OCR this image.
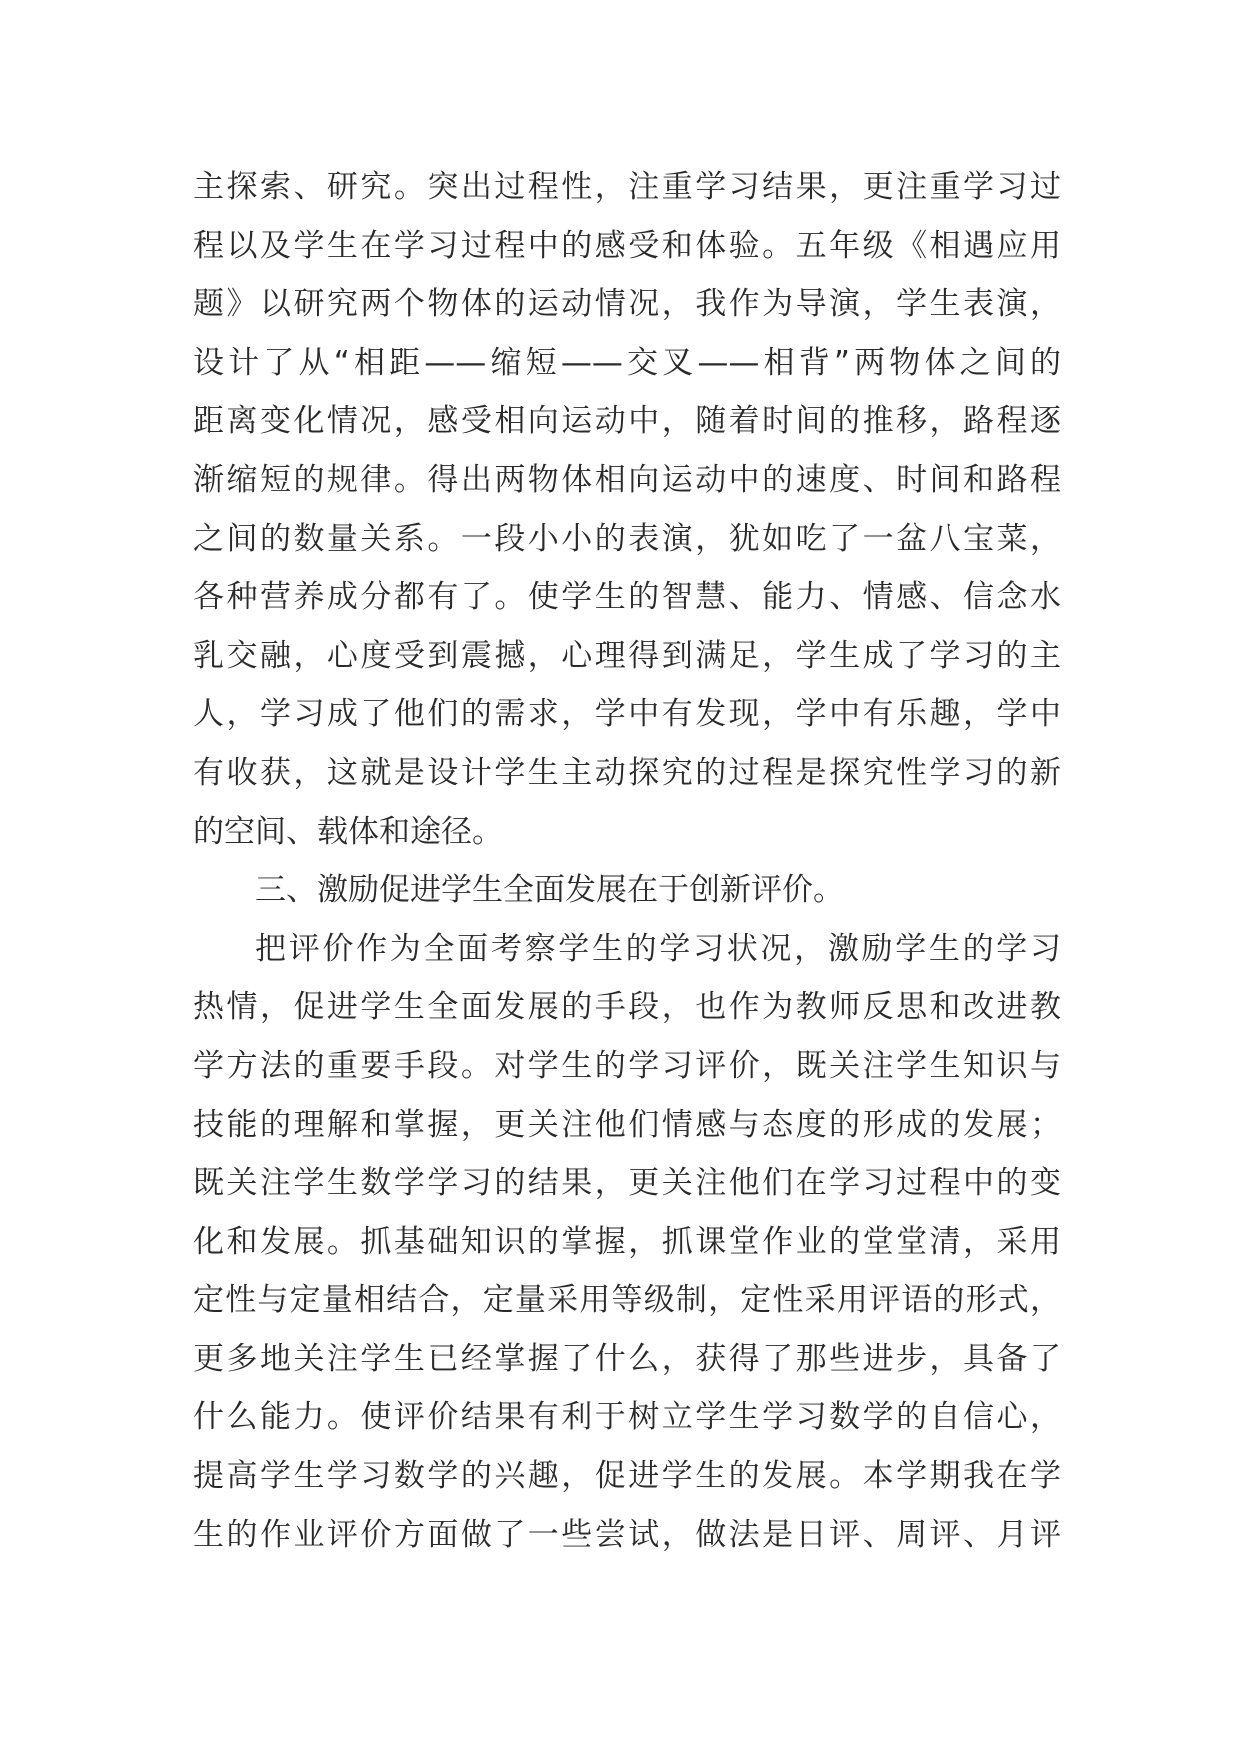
主探索、研究。突出过程性，注重学习结果，更注重学习过
程以及学生在学习过程中的感受和体验。五年级《相遇应用
题》以研究两个物体的运动情况，我作为导演，学生表演，
设计了从“相距——缩短——交叉——相背”两物体之间的
距离变化情况，感受相向运动中，随着时间的推移，路程逐
渐缩短的规律。得出两物体相向运动中的速度、时间和路程
之间的数量关系。一段小小的表演，犹如吃了一盆八宝菜，
各种营养成分都有了。使学生的智慧、能力、情感、信念水
乳交融，心度受到震撼，心理得到满足，学生成了学习的主
人，学习成了他们的需求，学中有发现，学中有乐趣，学中
有收获，这就是设计学生主动探究的过程是探究性学习的新
的空间、载体和途径。
三、激励促进学生全面发展在于创新评价。
把评价作为全面考察学生的学习状况，激励学生的学习
热情，促进学生全面发展的手段，也作为教师反思和改进教
学方法的重要手段。对学生的学习评价，既关注学生知识与
技能的理解和掌握，更关注他们情感与态度的形成的发展；
既关注学生数学学习的结果，更关注他们在学习过程中的变
化和发展。抓基础知识的掌握，抓课堂作业的堂堂清，采用
定性与定量相结合，定量采用等级制，定性采用评语的形式，
更多地关注学生已经掌握了什么，获得了那些进步，具备了
什么能力。使评价结果有利于树立学生学习数学的自信心，
提高学生学习数学的兴趣，促进学生的发展。本学期我在学
生的作业评价方面做了一些尝试，做法是日评、周评、月评
